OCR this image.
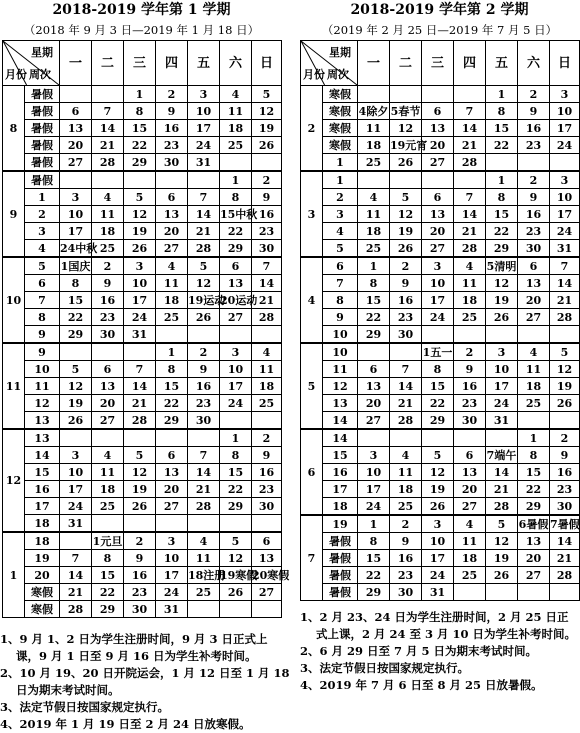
2018-2019 学年第 1 学期
（2018 年 9 月 3 日—2019 年 1 月 18 日）
星期
月份 周次		一	二	三	四	五	六	日
8	暑假			1	2	3	4	5
	暑假	6	7	8	9	10	11	12
	暑假	13	14	15	16	17	18	19
	暑假	20	21	22	23	24	25	26
	暑假	27	28	29	30	31		
9	暑假						1	2
	1	3	4	5	6	7	8	9
	2	10	11	12	13	14	15中秋	16
	3	17	18	19	20	21	22	23
	4	24中秋	25	26	27	28	29	30
10	5	1国庆	2	3	4	5	6	7
	6	8	9	10	11	12	13	14
	7	15	16	17	18	19运动	20运动	21
	8	22	23	24	25	26	27	28
	9	29	30	31				
11	9				1	2	3	4
	10	5	6	7	8	9	10	11
	11	12	13	14	15	16	17	18
	12	19	20	21	22	23	24	25
	13	26	27	28	29	30		
12	13						1	2
	14	3	4	5	6	7	8	9
	15	10	11	12	13	14	15	16
	16	17	18	19	20	21	22	23
	17	24	25	26	27	28	29	30
	18	31						
1	18		1元旦	2	3	4	5	6
	19	7	8	9	10	11	12	13
	20	14	15	16	17	18注册	19寒假	20寒假
	寒假	21	22	23	24	25	26	27
	寒假	28	29	30	31			
2018-2019 学年第 2 学期
（2019 年 2 月 25 日—2019 年 7 月 5 日）
星期
月份 周次		一	二	三	四	五	六	日
2	寒假					1	2	3
	寒假	4除夕	5春节	6	7	8	9	10
	寒假	11	12	13	14	15	16	17
	寒假	18	19元宵	20	21	22	23	24
	1	25	26	27	28			
3	1					1	2	3
	2	4	5	6	7	8	9	10
	3	11	12	13	14	15	16	17
	4	18	19	20	21	22	23	24
	5	25	26	27	28	29	30	31
4	6	1	2	3	4	5清明	6	7
	7	8	9	10	11	12	13	14
	8	15	16	17	18	19	20	21
	9	22	23	24	25	26	27	28
	10	29	30					
5	10			1五一	2	3	4	5
	11	6	7	8	9	10	11	12
	12	13	14	15	16	17	18	19
	13	20	21	22	23	24	25	26
	14	27	28	29	30	31		
6	14						1	2
	15	3	4	5	6	7端午	8	9
	16	10	11	12	13	14	15	16
	17	17	18	19	20	21	22	23
	18	24	25	26	27	28	29	30
7	19	1	2	3	4	5	6暑假	7暑假
	暑假	8	9	10	11	12	13	14
	暑假	15	16	17	18	19	20	21
	暑假	22	23	24	25	26	27	28
	暑假	29	30	31				
1、9 月 1、2 日为学生注册时间，9 月 3 日正式上课，9 月 1 日至 9 月 16 日为学生补考时间。
2、10 月 19、20 日开院运会，1 月 12 日至 1 月 18 日为期末考试时间。
3、法定节假日按国家规定执行。
4、2019 年 1 月 19 日至 2 月 24 日放寒假。
1、2 月 23、24 日为学生注册时间，2 月 25 日正式上课，2 月 24 至 3 月 10 日为学生补考时间。
2、6 月 29 日至 7 月 5 日为期末考试时间。
3、法定节假日按国家规定执行。
4、2019 年 7 月 6 日至 8 月 25 日放暑假。
